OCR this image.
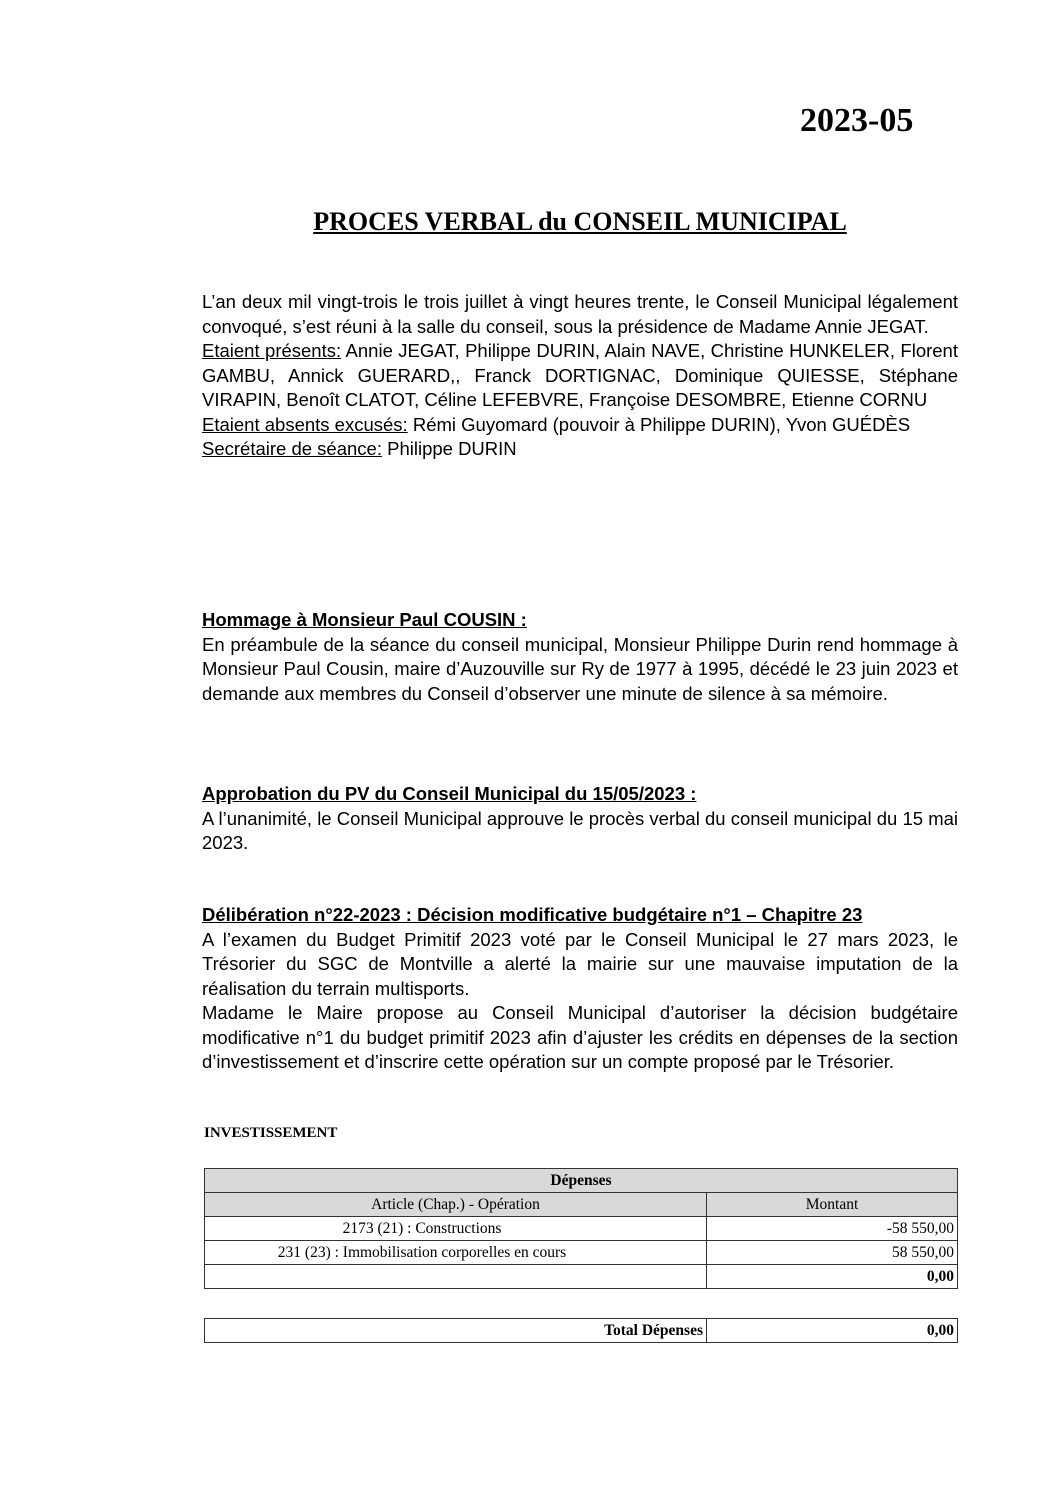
2023-05
PROCES VERBAL du CONSEIL MUNICIPAL

L’an deux mil vingt-trois le trois juillet à vingt heures trente, le Conseil Municipal légalement convoqué, s’est réuni à la salle du conseil, sous la présidence de Madame Annie JEGAT.

Etaient présents: Annie JEGAT, Philippe DURIN, Alain NAVE, Christine HUNKELER, Florent GAMBU, Annick GUERARD,, Franck DORTIGNAC, Dominique QUIESSE, Stéphane VIRAPIN, Benoît CLATOT, Céline LEFEBVRE, Françoise DESOMBRE, Etienne CORNU

Etaient absents excusés: Rémi Guyomard (pouvoir à Philippe DURIN), Yvon GUÉDÈS

Secrétaire de séance: Philippe DURIN

Hommage à Monsieur Paul COUSIN :

En préambule de la séance du conseil municipal, Monsieur Philippe Durin rend hommage à Monsieur Paul Cousin, maire d’Auzouville sur Ry de 1977 à 1995, décédé le 23 juin 2023 et demande aux membres du Conseil d’observer une minute de silence à sa mémoire.

Approbation du PV du Conseil Municipal du 15/05/2023 :

A l’unanimité, le Conseil Municipal approuve le procès verbal du conseil municipal du 15 mai 2023.

Délibération n°22-2023 : Décision modificative budgétaire n°1 – Chapitre 23

A l’examen du Budget Primitif 2023 voté par le Conseil Municipal le 27 mars 2023, le Trésorier du SGC de Montville a alerté la mairie sur une mauvaise imputation de la réalisation du terrain multisports.

Madame le Maire propose au Conseil Municipal d’autoriser la décision budgétaire modificative n°1 du budget primitif 2023 afin d’ajuster les crédits en dépenses de la section d’investissement et d’inscrire cette opération sur un compte proposé par le Trésorier.

INVESTISSEMENT
Dépenses	
Article (Chap.) - Opération	Montant
2173 (21) : Constructions	-58 550,00
231 (23) : Immobilisation corporelles en cours	58 550,00
	0,00
Total Dépenses	0,00
